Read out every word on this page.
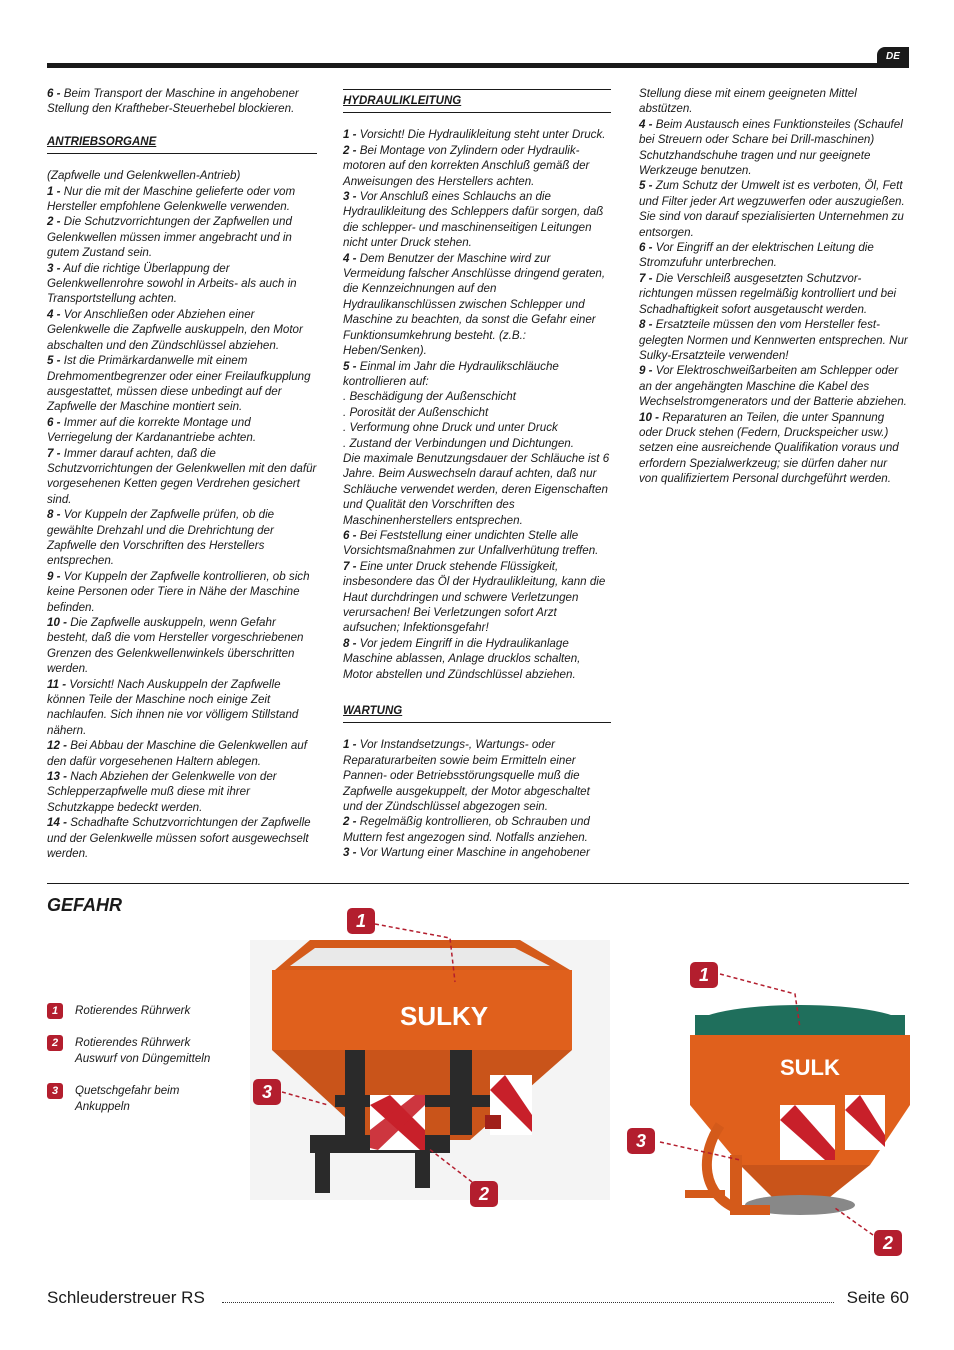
DE

6 - Beim Transport der Maschine in angehobener Stellung den Kraftheber-Steuerhebel blockieren.

ANTRIEBSORGANE

(Zapfwelle und Gelenkwellen-Antrieb)

1 - Nur die mit der Maschine gelieferte oder vom Hersteller empfohlene Gelenkwelle verwenden.

2 - Die Schutzvorrichtungen der Zapfwellen und Gelenkwellen müssen immer angebracht und in gutem Zustand sein.

3 - Auf die richtige Überlappung der Gelenkwellenrohre sowohl in Arbeits- als auch in Transportstellung achten.

4 - Vor Anschließen oder Abziehen einer Gelenkwelle die Zapfwelle auskuppeln, den Motor abschalten und den Zündschlüssel abziehen.

5 - Ist die Primärkardanwelle mit einem Drehmomentbegrenzer oder einer Freilaufkupplung ausgestattet, müssen diese unbedingt auf der Zapfwelle der Maschine montiert sein.

6 - Immer auf die korrekte Montage und Verriegelung der Kardanantriebe achten.

7 - Immer darauf achten, daß die Schutzvorrichtungen der Gelenkwellen mit den dafür vorgesehenen Ketten gegen Verdrehen gesichert sind.

8 - Vor Kuppeln der Zapfwelle prüfen, ob die gewählte Drehzahl und die Drehrichtung der Zapfwelle den Vorschriften des Herstellers entsprechen.

9 - Vor Kuppeln der Zapfwelle kontrollieren, ob sich keine Personen oder Tiere in Nähe der Maschine befinden.

10 - Die Zapfwelle auskuppeln, wenn Gefahr besteht, daß die vom Hersteller vorgeschriebenen Grenzen des Gelenkwellenwinkels überschritten werden.

11 - Vorsicht! Nach Auskuppeln der Zapfwelle können Teile der Maschine noch einige Zeit nachlaufen. Sich ihnen nie vor völligem Stillstand nähern.

12 - Bei Abbau der Maschine die Gelenkwellen auf den dafür vorgesehenen Haltern ablegen.

13 - Nach Abziehen der Gelenkwelle von der Schlepperzapfwelle muß diese mit ihrer Schutzkappe bedeckt werden.

14 - Schadhafte Schutzvorrichtungen der Zapfwelle und der Gelenkwelle müssen sofort ausgewechselt werden.

HYDRAULIKLEITUNG

1 - Vorsicht! Die Hydraulikleitung steht unter Druck.

2 - Bei Montage von Zylindern oder Hydraulik-motoren auf den korrekten Anschluß gemäß der Anweisungen des Herstellers achten.

3 - Vor Anschluß eines Schlauchs an die Hydraulikleitung des Schleppers dafür sorgen, daß die schlepper- und maschinenseitigen Leitungen nicht unter Druck stehen.

4 - Dem Benutzer der Maschine wird zur Vermeidung falscher Anschlüsse dringend geraten, die Kennzeichnungen auf den Hydraulikanschlüssen zwischen Schlepper und Maschine zu beachten, da sonst die Gefahr einer Funktionsumkehrung besteht. (z.B.: Heben/Senken).

5 - Einmal im Jahr die Hydraulikschläuche kontrollieren auf:

. Beschädigung der Außenschicht

. Porosität der Außenschicht

. Verformung ohne Druck und unter Druck

. Zustand der Verbindungen und Dichtungen.

Die maximale Benutzungsdauer der Schläuche ist 6 Jahre. Beim Auswechseln darauf achten, daß nur Schläuche verwendet werden, deren Eigenschaften und Qualität den Vorschriften des Maschinenherstellers entsprechen.

6 - Bei Feststellung einer undichten Stelle alle Vorsichtsmaßnahmen zur Unfallverhütung treffen.

7 - Eine unter Druck stehende Flüssigkeit, insbesondere das Öl der Hydraulikleitung, kann die Haut durchdringen und schwere Verletzungen verursachen! Bei Verletzungen sofort Arzt aufsuchen; Infektionsgefahr!

8 - Vor jedem Eingriff in die Hydraulikanlage Maschine ablassen, Anlage drucklos schalten, Motor abstellen und Zündschlüssel abziehen.

WARTUNG

1 - Vor Instandsetzungs-, Wartungs- oder Reparaturarbeiten sowie beim Ermitteln einer Pannen- oder Betriebsstörungsquelle muß die Zapfwelle ausgekuppelt, der Motor abgeschaltet und der Zündschlüssel abgezogen sein.

2 - Regelmäßig kontrollieren, ob Schrauben und Muttern fest angezogen sind. Notfalls anziehen.

3 - Vor Wartung einer Maschine in angehobener

Stellung diese mit einem geeigneten Mittel abstützen.

4 - Beim Austausch eines Funktionsteiles (Schaufel bei Streuern oder Schare bei Drill-maschinen) Schutzhandschuhe tragen und nur geeignete Werkzeuge benutzen.

5 - Zum Schutz der Umwelt ist es verboten, Öl, Fett und Filter jeder Art wegzuwerfen oder auszugießen. Sie sind von darauf spezialisierten Unternehmen zu entsorgen.

6 - Vor Eingriff an der elektrischen Leitung die Stromzufuhr unterbrechen.

7 - Die Verschleiß ausgesetzten Schutzvor-richtungen müssen regelmäßig kontrolliert und bei Schadhaftigkeit sofort ausgetauscht werden.

8 - Ersatzteile müssen den vom Hersteller fest-gelegten Normen und Kennwerten entsprechen. Nur Sulky-Ersatzteile verwenden!

9 - Vor Elektroschweißarbeiten am Schlepper oder an der angehängten Maschine die Kabel des Wechselstromgenerators und der Batterie abziehen.

10 - Reparaturen an Teilen, die unter Spannung oder Druck stehen (Federn, Druckspeicher usw.) setzen eine ausreichende Qualifikation voraus und erfordern Spezialwerkzeug; sie dürfen daher nur von qualifiziertem Personal durchgeführt werden.

GEFAHR
1	Rotierendes Rührwerk
2	Rotierendes Rührwerk Auswurf von Düngemitteln
3	Quetschgefahr beim Ankuppeln
SULKY
1
3
2
SULK
1
3
2
Schleuderstreuer RS	Seite 60
